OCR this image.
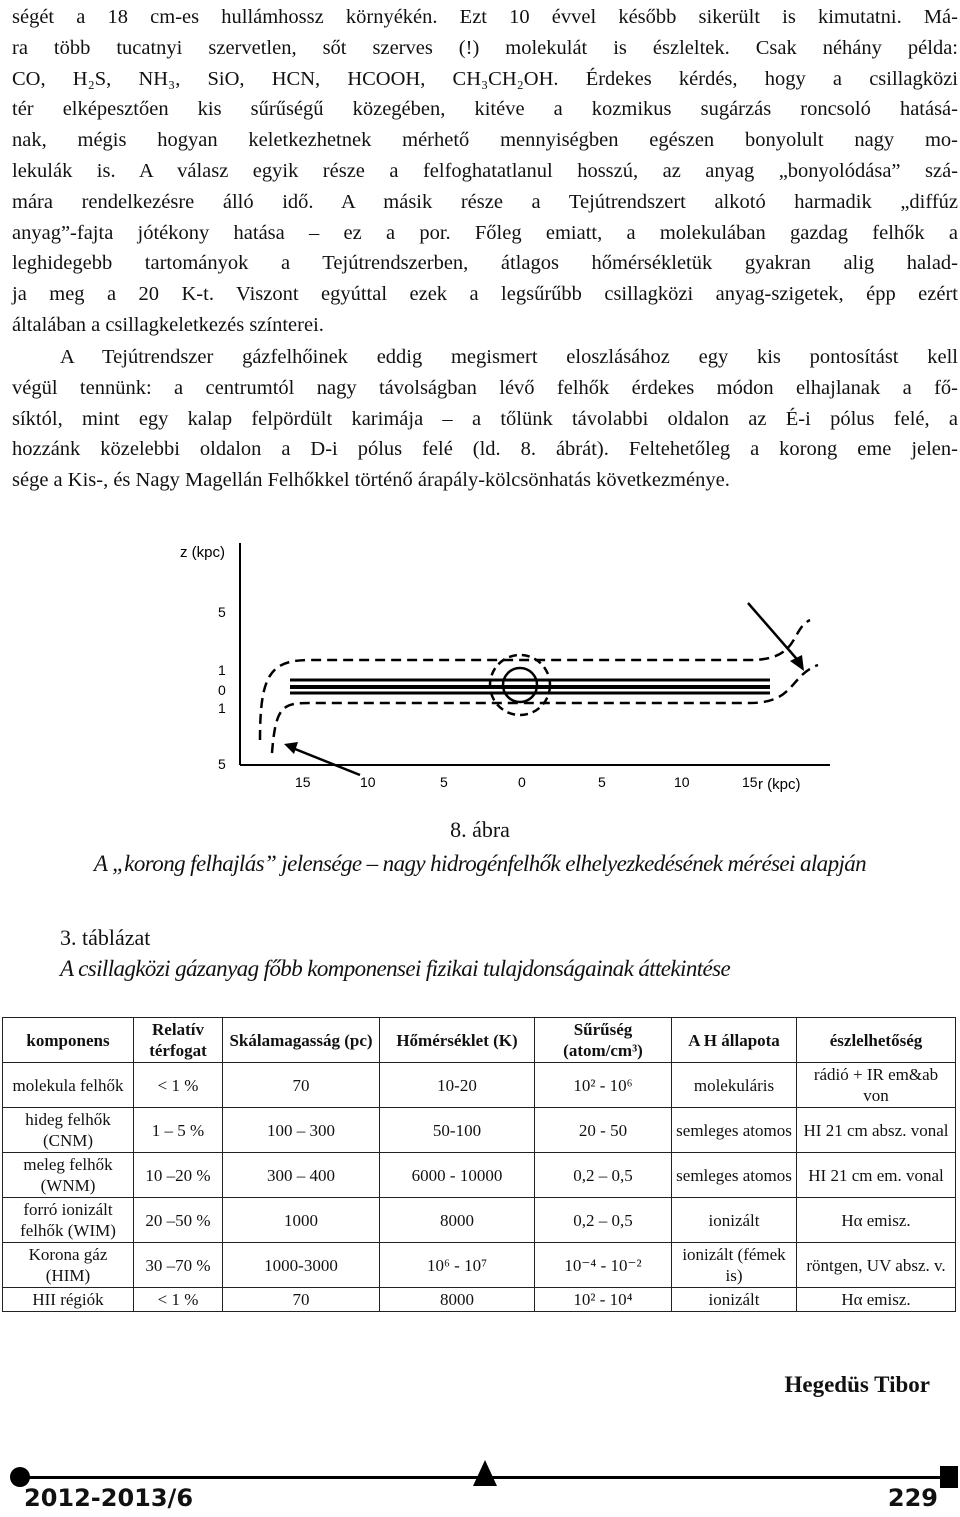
ségét a 18 cm-es hullámhossz környékén. Ezt 10 évvel később sikerült is kimutatni. Má-
ra több tucatnyi szervetlen, sőt szerves (!) molekulát is észleltek. Csak néhány példa:
CO, H₂S, NH₃, SiO, HCN, HCOOH, CH₃CH₂OH. Érdekes kérdés, hogy a csillagközi
tér elképesztően kis sűrűségű közegében, kitéve a kozmikus sugárzás roncsoló hatásá-
nak, mégis hogyan keletkezhetnek mérhető mennyiségben egészen bonyolult nagy mo-
lekulák is. A válasz egyik része a felfoghatatlanul hosszú, az anyag „bonyolódása” szá-
mára rendelkezésre álló idő. A másik része a Tejútrendszert alkotó harmadik „diffúz
anyag”-fajta jótékony hatása – ez a por. Főleg emiatt, a molekulában gazdag felhők a
leghidegebb tartományok a Tejútrendszerben, átlagos hőmérsékletük gyakran alig halad-
ja meg a 20 K-t. Viszont egyúttal ezek a legsűrűbb csillagközi anyag-szigetek, épp ezért
általában a csillagkeletkezés színterei.
A Tejútrendszer gázfelhőinek eddig megismert eloszlásához egy kis pontosítást kell
végül tennünk: a centrumtól nagy távolságban lévő felhők érdekes módon elhajlanak a fő-
síktól, mint egy kalap felpördült karimája – a tőlünk távolabbi oldalon az É-i pólus felé, a
hozzánk közelebbi oldalon a D-i pólus felé (ld. 8. ábrát). Feltehetőleg a korong eme jelen-
sége a Kis-, és Nagy Magellán Felhőkkel történő árapály-kölcsönhatás következménye.
z (kpc)
5
1
0
1
5
15	10	5	0	5	10	15 r (kpc)
8. ábra
A „korong felhajlás” jelensége – nagy hidrogénfelhők elhelyezkedésének mérései alapján
3. táblázat
A csillagközi gázanyag főbb komponensei fizikai tulajdonságainak áttekintése
komponens	Relatív térfogat	Skálamagasság (pc)	Hőmérséklet (K)	Sűrűség (atom/cm³)	A H állapota	észlelhetőség
molekula felhők	< 1 %	70	10-20	10² - 10⁶	molekuláris	rádió + IR em&ab von
hideg felhők (CNM)	1 – 5 %	100 – 300	50-100	20 - 50	semleges atomos	HI 21 cm absz. vonal
meleg felhők (WNM)	10 –20 %	300 – 400	6000 - 10000	0,2 – 0,5	semleges atomos	HI 21 cm em. vonal
forró ionizált felhők (WIM)	20 –50 %	1000	8000	0,2 – 0,5	ionizált	Hα emisz.
Korona gáz (HIM)	30 –70 %	1000-3000	10⁶ - 10⁷	10⁻⁴ - 10⁻²	ionizált (fémek is)	röntgen, UV absz. v.
HII régiók	< 1 %	70	8000	10² - 10⁴	ionizált	Hα emisz.
Hegedüs Tibor
2012-2013/6	229
